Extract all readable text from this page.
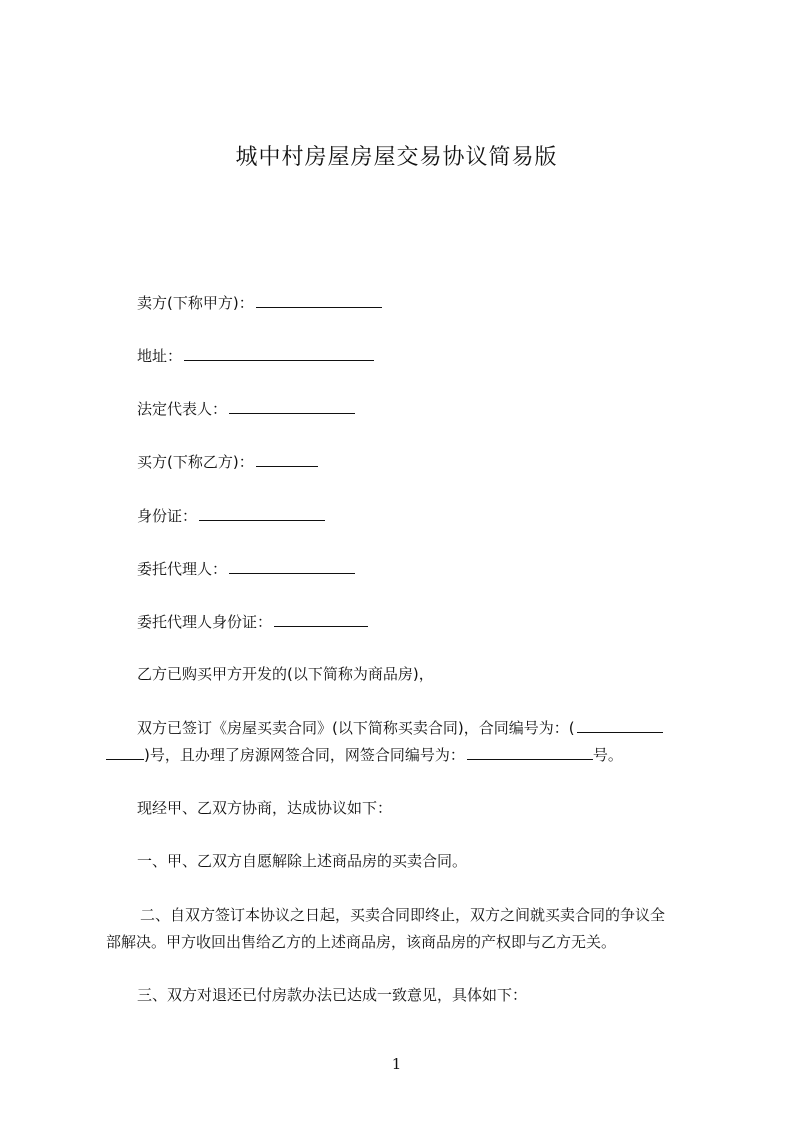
城中村房屋房屋交易协议简易版
卖方(下称甲方)：
地址：
法定代表人：
买方(下称乙方)：
身份证：
委托代理人：
委托代理人身份证：
乙方已购买甲方开发的(以下简称为商品房)，
双方已签订《房屋买卖合同》(以下简称买卖合同)，合同编号为：(
)号，且办理了房源网签合同，网签合同编号为：	号。
现经甲、乙双方协商，达成协议如下：
一、甲、乙双方自愿解除上述商品房的买卖合同。
二、自双方签订本协议之日起，买卖合同即终止，双方之间就买卖合同的争议全
部解决。甲方收回出售给乙方的上述商品房，该商品房的产权即与乙方无关。
三、双方对退还已付房款办法已达成一致意见，具体如下：
1
